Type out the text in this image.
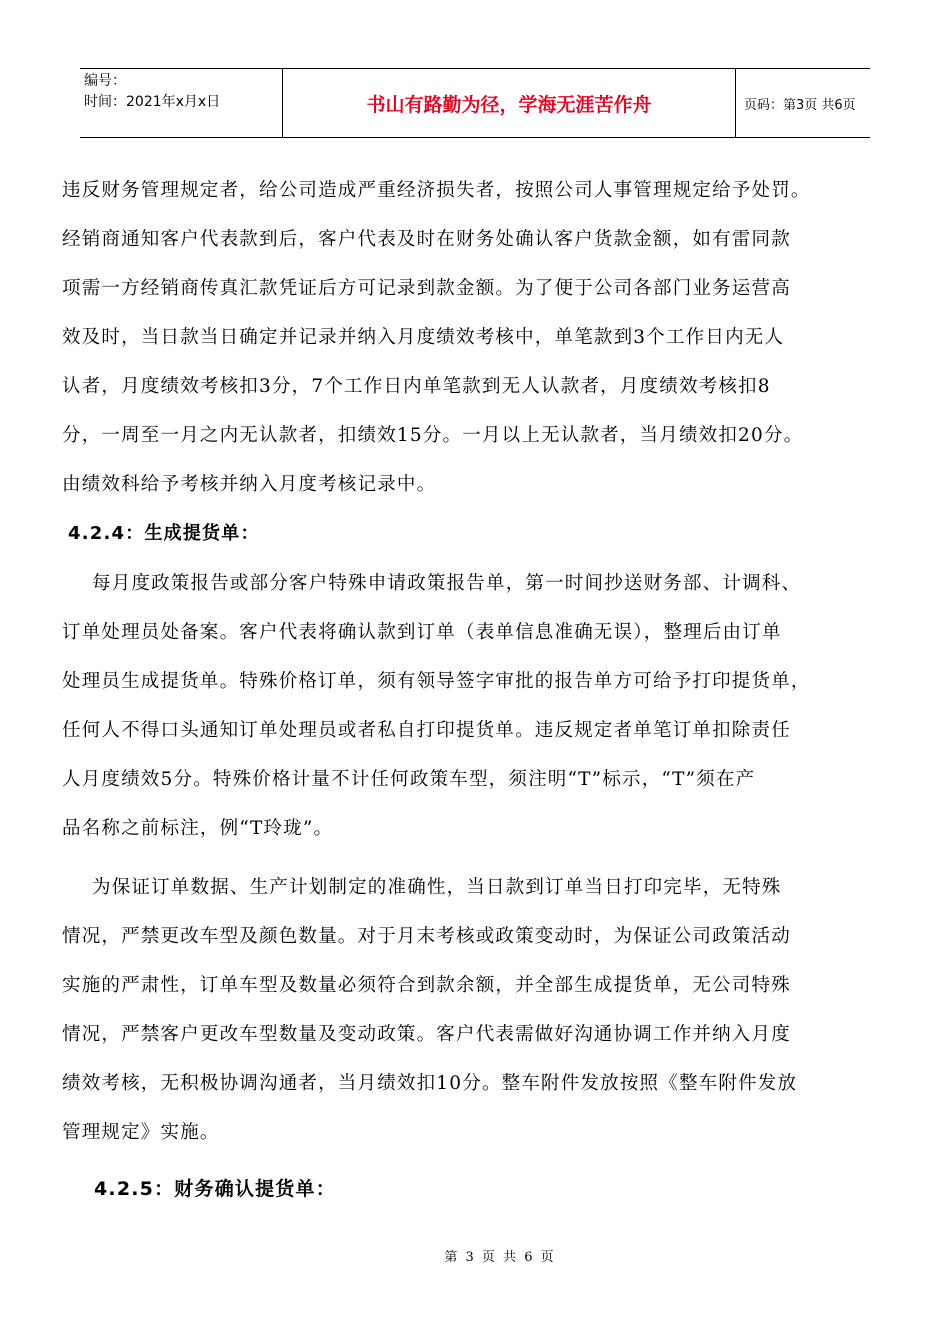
编号：
时间：2021年x月x日	书山有路勤为径，学海无涯苦作舟	页码：第3页 共6页
违反财务管理规定者，给公司造成严重经济损失者，按照公司人事管理规定给予处罚。
经销商通知客户代表款到后，客户代表及时在财务处确认客户货款金额，如有雷同款
项需一方经销商传真汇款凭证后方可记录到款金额。为了便于公司各部门业务运营高
效及时，当日款当日确定并记录并纳入月度绩效考核中，单笔款到3个工作日内无人
认者，月度绩效考核扣3分，7个工作日内单笔款到无人认款者，月度绩效考核扣8
分，一周至一月之内无认款者，扣绩效15分。一月以上无认款者，当月绩效扣20分。
由绩效科给予考核并纳入月度考核记录中。
4.2.4：生成提货单：
每月度政策报告或部分客户特殊申请政策报告单，第一时间抄送财务部、计调科、
订单处理员处备案。客户代表将确认款到订单（表单信息准确无误），整理后由订单
处理员生成提货单。特殊价格订单，须有领导签字审批的报告单方可给予打印提货单，
任何人不得口头通知订单处理员或者私自打印提货单。违反规定者单笔订单扣除责任
人月度绩效5分。特殊价格计量不计任何政策车型，须注明“T”标示，“T”须在产
品名称之前标注，例“T玲珑”。
为保证订单数据、生产计划制定的准确性，当日款到订单当日打印完毕，无特殊
情况，严禁更改车型及颜色数量。对于月末考核或政策变动时，为保证公司政策活动
实施的严肃性，订单车型及数量必须符合到款余额，并全部生成提货单，无公司特殊
情况，严禁客户更改车型数量及变动政策。客户代表需做好沟通协调工作并纳入月度
绩效考核，无积极协调沟通者，当月绩效扣10分。整车附件发放按照《整车附件发放
管理规定》实施。
4.2.5：财务确认提货单：
第 3 页 共 6 页
